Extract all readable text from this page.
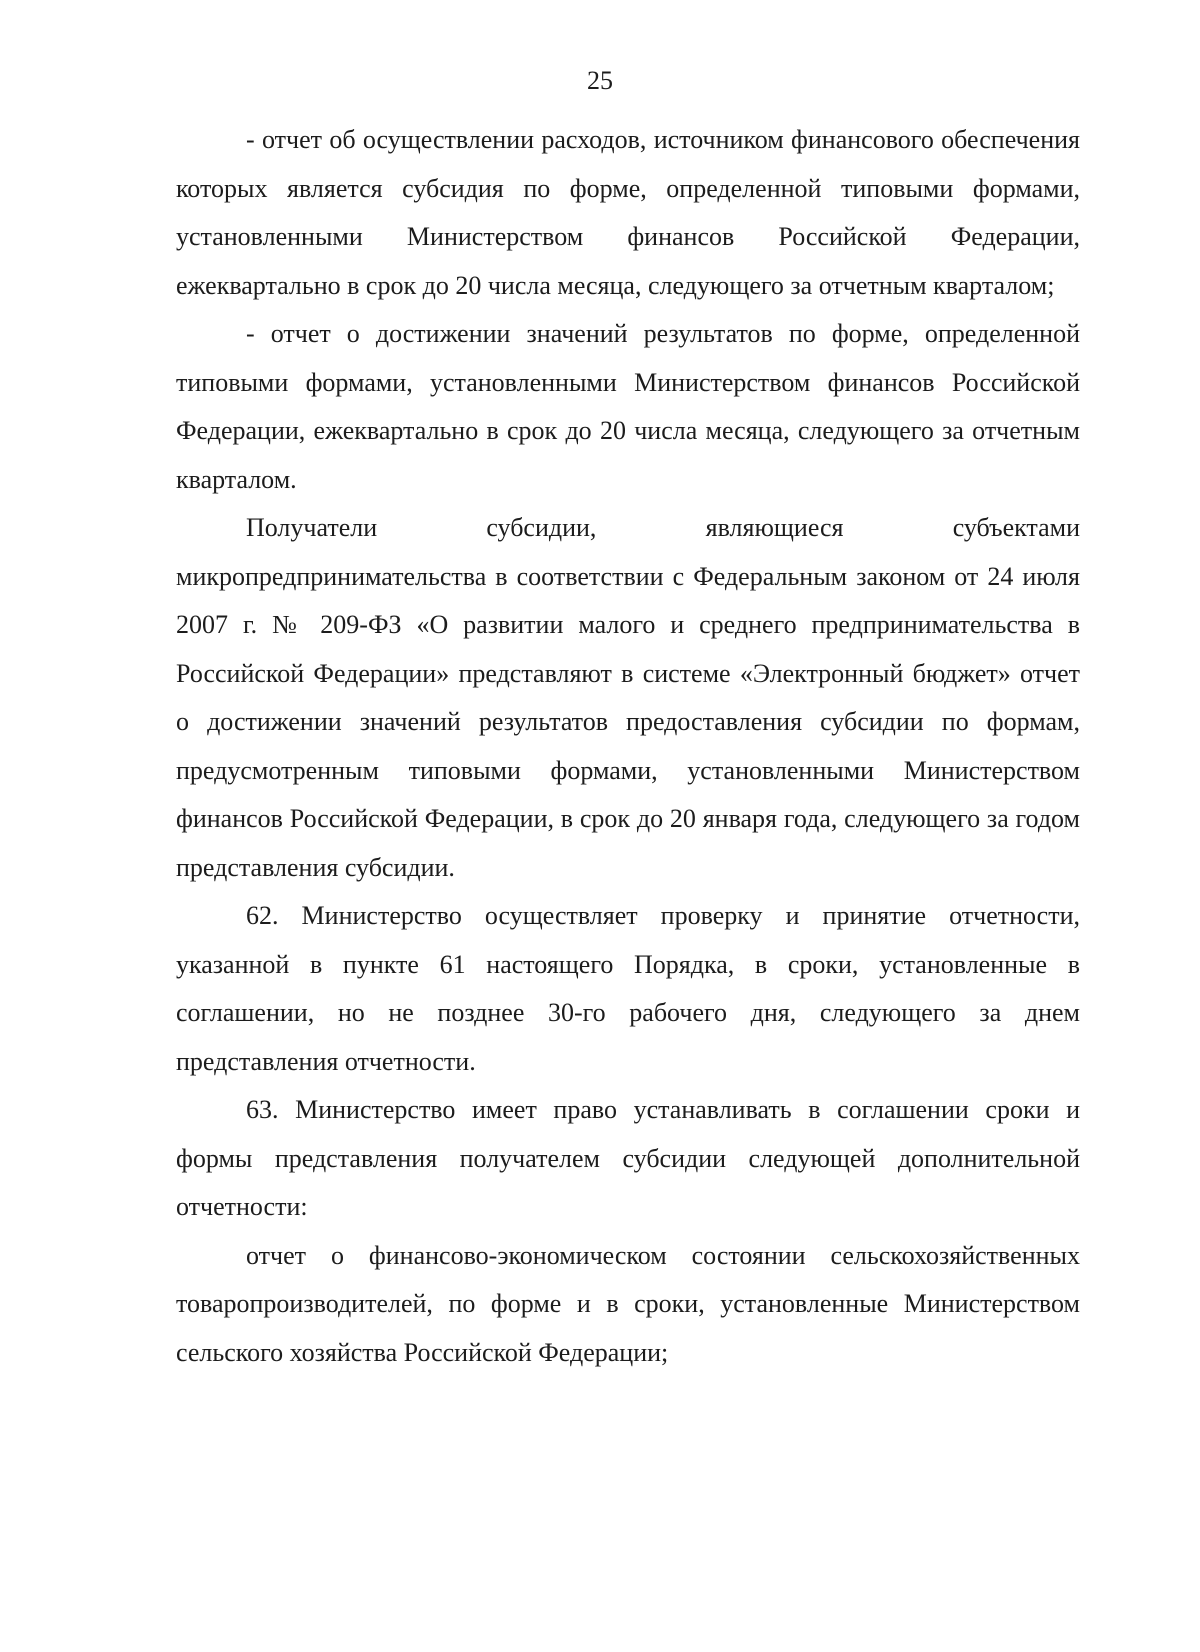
25

- отчет об осуществлении расходов, источником финансового обеспечения которых является субсидия по форме, определенной типовыми формами, установленными Министерством финансов Российской Федерации, ежеквартально в срок до 20 числа месяца, следующего за отчетным кварталом;

- отчет о достижении значений результатов по форме, определенной типовыми формами, установленными Министерством финансов Российской Федерации, ежеквартально в срок до 20 числа месяца, следующего за отчетным кварталом.

Получатели субсидии, являющиеся субъектами микропредпринимательства в соответствии с Федеральным законом от 24 июля 2007 г. № 209-ФЗ «О развитии малого и среднего предпринимательства в Российской Федерации» представляют в системе «Электронный бюджет» отчет о достижении значений результатов предоставления субсидии по формам, предусмотренным типовыми формами, установленными Министерством финансов Российской Федерации, в срок до 20 января года, следующего за годом представления субсидии.

62. Министерство осуществляет проверку и принятие отчетности, указанной в пункте 61 настоящего Порядка, в сроки, установленные в соглашении, но не позднее 30-го рабочего дня, следующего за днем представления отчетности.

63. Министерство имеет право устанавливать в соглашении сроки и формы представления получателем субсидии следующей дополнительной отчетности:

отчет о финансово-экономическом состоянии сельскохозяйственных товаропроизводителей, по форме и в сроки, установленные Министерством сельского хозяйства Российской Федерации;
